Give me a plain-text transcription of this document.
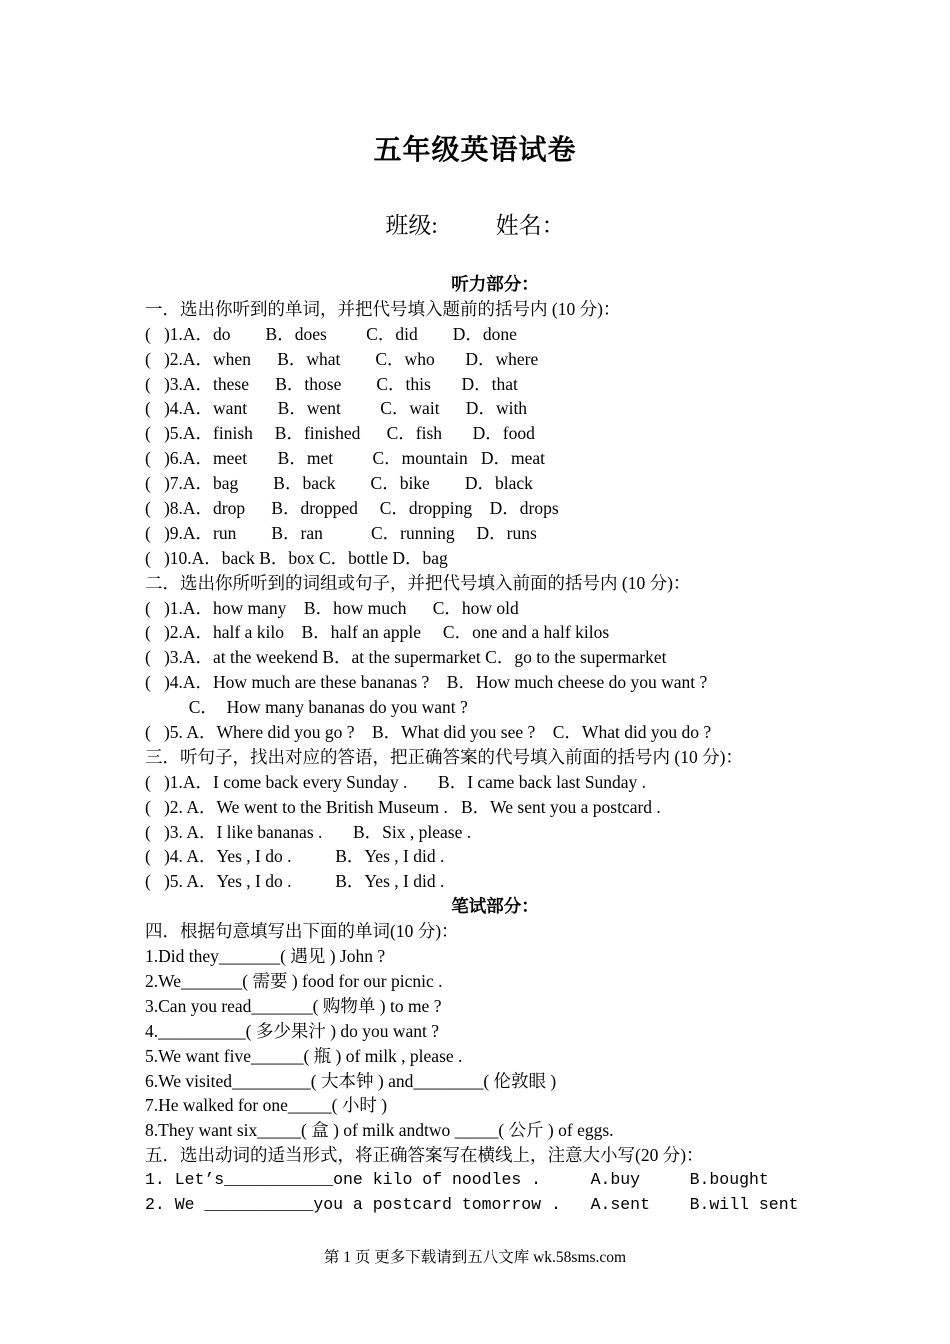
五年级英语试卷
班级:	姓名：
听力部分：
一．选出你听到的单词，并把代号填入题前的括号内 (10 分)：
(   )1.A．do        B．does         C．did        D．done
(   )2.A．when      B．what        C．who       D．where
(   )3.A．these      B．those        C．this       D．that
(   )4.A．want       B．went         C．wait      D．with
(   )5.A．finish     B．finished      C．fish       D．food
(   )6.A．meet       B．met         C．mountain   D．meat
(   )7.A．bag        B．back        C．bike        D．black
(   )8.A．drop      B．dropped     C．dropping    D．drops
(   )9.A．run        B．ran           C．running     D．runs
(   )10.A．back B．box C．bottle D．bag
二．选出你所听到的词组或句子，并把代号填入前面的括号内 (10 分)：
(   )1.A．how many    B．how much      C．how old
(   )2.A．half a kilo    B．half an apple     C．one and a half kilos
(   )3.A．at the weekend B．at the supermarket C．go to the supermarket
(   )4.A．How much are these bananas ?    B．How much cheese do you want ?
C．  How many bananas do you want ?
(   )5. A．Where did you go ?    B．What did you see ?    C．What did you do ?
三．听句子，找出对应的答语，把正确答案的代号填入前面的括号内 (10 分)：
(   )1.A．I come back every Sunday .       B．I came back last Sunday .
(   )2. A．We went to the British Museum .   B．We sent you a postcard .
(   )3. A．I like bananas .       B．Six , please .
(   )4. A．Yes , I do .          B．Yes , I did .
(   )5. A．Yes , I do .          B．Yes , I did .
笔试部分：
四．根据句意填写出下面的单词(10 分)：
1.Did they_______( 遇见 ) John ?
2.We_______( 需要 ) food for our picnic .
3.Can you read_______( 购物单 ) to me ?
4.__________( 多少果汁 ) do you want ?
5.We want five______( 瓶 ) of milk , please .
6.We visited_________( 大本钟 ) and________( 伦敦眼 )
7.He walked for one_____( 小时 )
8.They want six_____( 盒 ) of milk andtwo _____( 公斤 ) of eggs.
五．选出动词的适当形式，将正确答案写在横线上，注意大小写(20 分)：
1. Let’s___________one kilo of noodles .     A.buy     B.bought
2. We ___________you a postcard tomorrow .   A.sent    B.will sent
第 1 页 更多下载请到五八文库 wk.58sms.com
